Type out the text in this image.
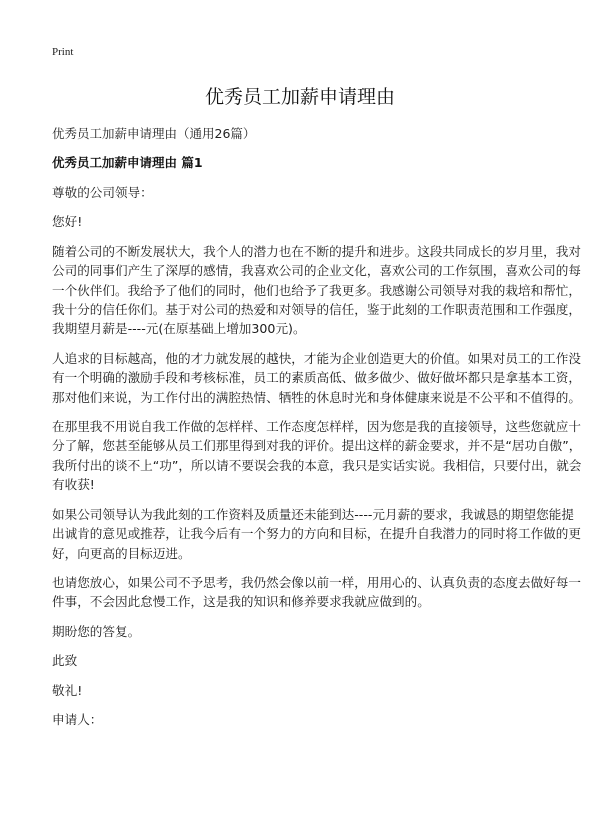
Print
优秀员工加薪申请理由
优秀员工加薪申请理由（通用26篇）
优秀员工加薪申请理由 篇1

尊敬的公司领导：

您好!

随着公司的不断发展状大，我个人的潜力也在不断的提升和进步。这段共同成长的岁月里，我对公司的同事们产生了深厚的感情，我喜欢公司的企业文化，喜欢公司的工作氛围，喜欢公司的每一个伙伴们。我给予了他们的同时，他们也给予了我更多。我感谢公司领导对我的栽培和帮忙，我十分的信任你们。基于对公司的热爱和对领导的信任，鉴于此刻的工作职责范围和工作强度，我期望月薪是----元(在原基础上增加300元)。

人追求的目标越高，他的才力就发展的越快，才能为企业创造更大的价值。如果对员工的工作没有一个明确的激励手段和考核标准，员工的素质高低、做多做少、做好做坏都只是拿基本工资，那对他们来说，为工作付出的满腔热情、牺牲的休息时光和身体健康来说是不公平和不值得的。

在那里我不用说自我工作做的怎样样、工作态度怎样样，因为您是我的直接领导，这些您就应十分了解，您甚至能够从员工们那里得到对我的评价。提出这样的薪金要求，并不是“居功自傲”，我所付出的谈不上“功”，所以请不要误会我的本意，我只是实话实说。我相信，只要付出，就会有收获!

如果公司领导认为我此刻的工作资料及质量还未能到达----元月薪的要求，我诚恳的期望您能提出诚肯的意见或推荐，让我今后有一个努力的方向和目标，在提升自我潜力的同时将工作做的更好，向更高的目标迈进。

也请您放心，如果公司不予思考，我仍然会像以前一样，用用心的、认真负责的态度去做好每一件事，不会因此怠慢工作，这是我的知识和修养要求我就应做到的。

期盼您的答复。

此致

敬礼!

申请人：
